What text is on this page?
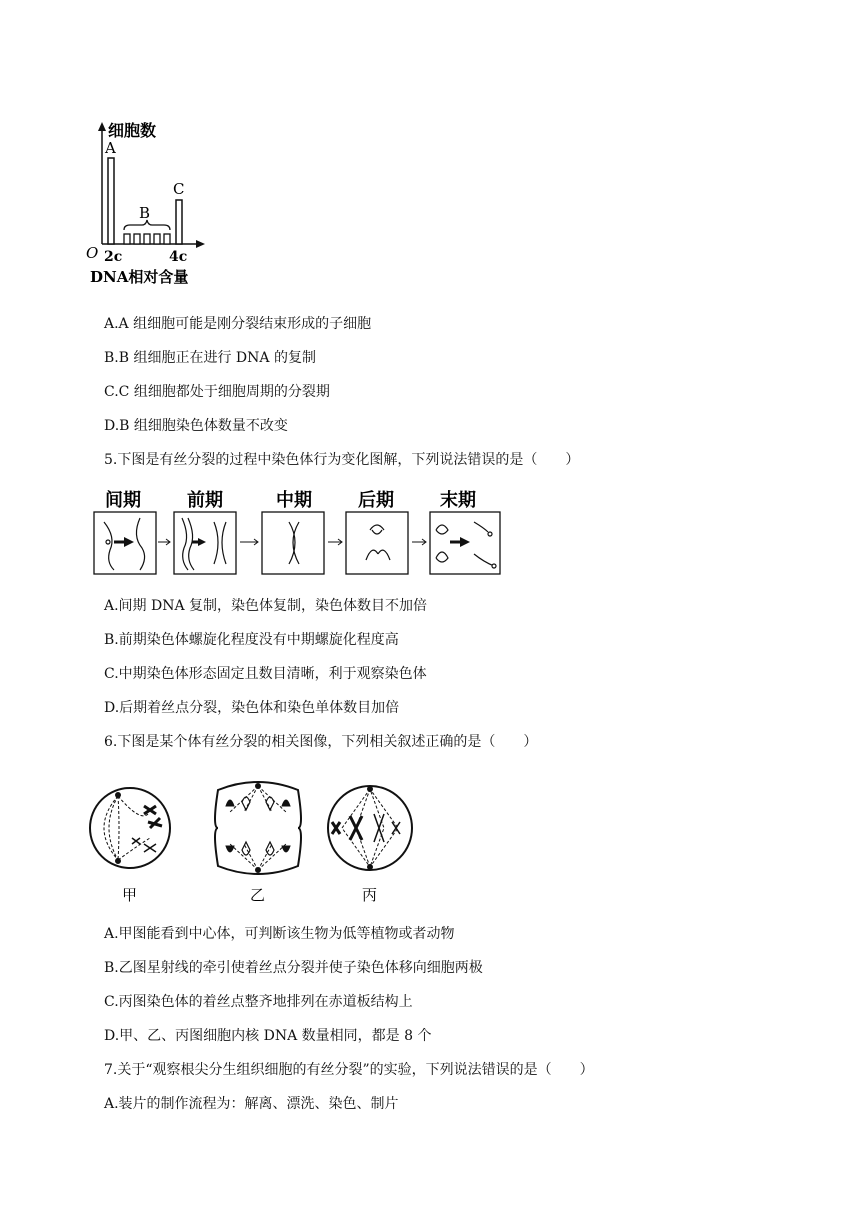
细胞数
O
A
B
C
2c	4c
DNA相对含量
A.A 组细胞可能是刚分裂结束形成的子细胞
B.B 组细胞正在进行 DNA 的复制
C.C 组细胞都处于细胞周期的分裂期
D.B 组细胞染色体数量不改变
5.下图是有丝分裂的过程中染色体行为变化图解，下列说法错误的是（　　）
间期	前期	中期	后期	末期
A.间期 DNA 复制，染色体复制，染色体数目不加倍
B.前期染色体螺旋化程度没有中期螺旋化程度高
C.中期染色体形态固定且数目清晰，利于观察染色体
D.后期着丝点分裂，染色体和染色单体数目加倍
6.下图是某个体有丝分裂的相关图像，下列相关叙述正确的是（　　）
甲	乙	丙
A.甲图能看到中心体，可判断该生物为低等植物或者动物
B.乙图星射线的牵引使着丝点分裂并使子染色体移向细胞两极
C.丙图染色体的着丝点整齐地排列在赤道板结构上
D.甲、乙、丙图细胞内核 DNA 数量相同，都是 8 个
7.关于“观察根尖分生组织细胞的有丝分裂”的实验，下列说法错误的是（　　）
A.装片的制作流程为：解离、漂洗、染色、制片
